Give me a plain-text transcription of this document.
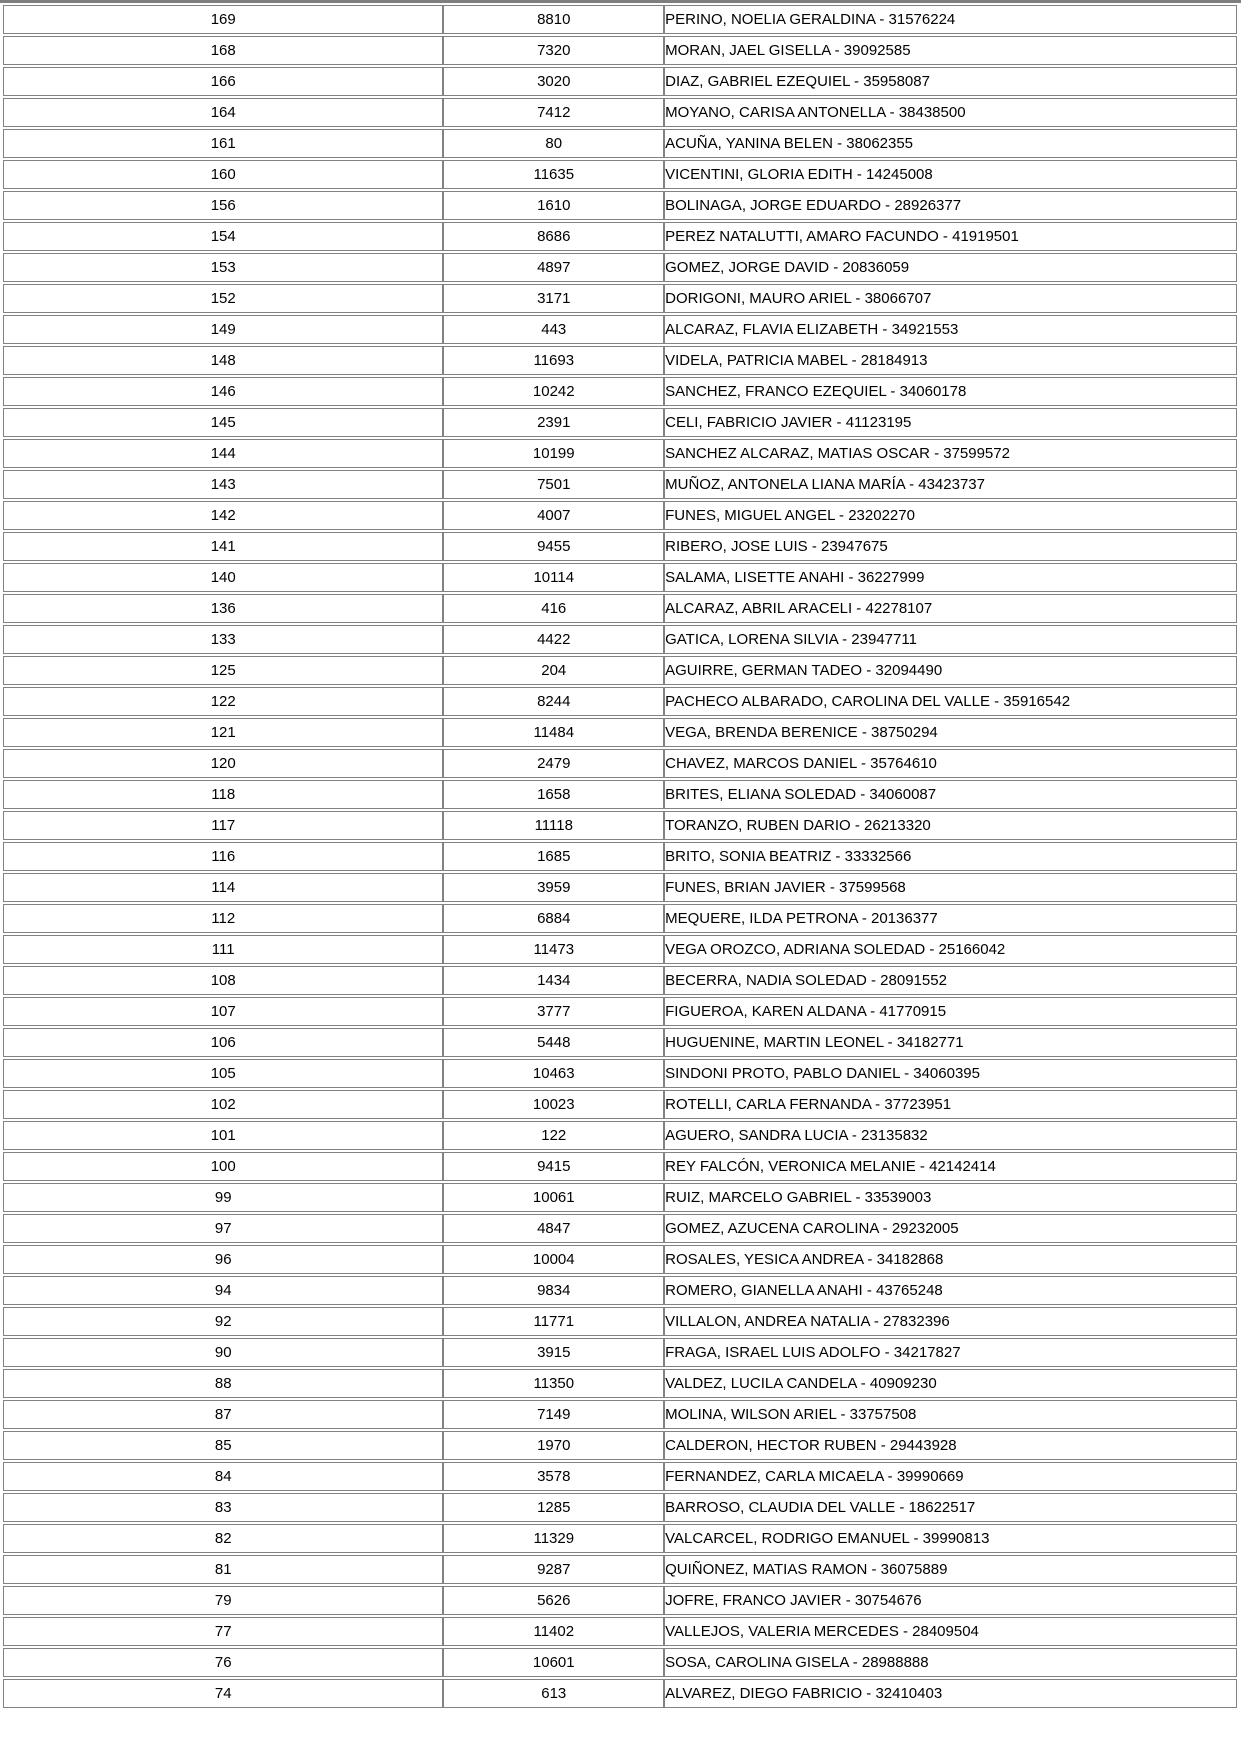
169	8810	PERINO, NOELIA GERALDINA - 31576224
168	7320	MORAN, JAEL GISELLA - 39092585
166	3020	DIAZ, GABRIEL EZEQUIEL - 35958087
164	7412	MOYANO, CARISA ANTONELLA - 38438500
161	80	ACUÑA, YANINA BELEN - 38062355
160	11635	VICENTINI, GLORIA EDITH - 14245008
156	1610	BOLINAGA, JORGE EDUARDO - 28926377
154	8686	PEREZ NATALUTTI, AMARO FACUNDO - 41919501
153	4897	GOMEZ, JORGE DAVID - 20836059
152	3171	DORIGONI, MAURO ARIEL - 38066707
149	443	ALCARAZ, FLAVIA ELIZABETH - 34921553
148	11693	VIDELA, PATRICIA MABEL - 28184913
146	10242	SANCHEZ, FRANCO EZEQUIEL - 34060178
145	2391	CELI, FABRICIO JAVIER - 41123195
144	10199	SANCHEZ ALCARAZ, MATIAS OSCAR - 37599572
143	7501	MUÑOZ, ANTONELA LIANA MARÍA - 43423737
142	4007	FUNES, MIGUEL ANGEL - 23202270
141	9455	RIBERO, JOSE LUIS - 23947675
140	10114	SALAMA, LISETTE ANAHI - 36227999
136	416	ALCARAZ, ABRIL ARACELI - 42278107
133	4422	GATICA, LORENA SILVIA - 23947711
125	204	AGUIRRE, GERMAN TADEO - 32094490
122	8244	PACHECO ALBARADO, CAROLINA DEL VALLE - 35916542
121	11484	VEGA, BRENDA BERENICE - 38750294
120	2479	CHAVEZ, MARCOS DANIEL - 35764610
118	1658	BRITES, ELIANA SOLEDAD - 34060087
117	11118	TORANZO, RUBEN DARIO - 26213320
116	1685	BRITO, SONIA BEATRIZ - 33332566
114	3959	FUNES, BRIAN JAVIER - 37599568
112	6884	MEQUERE, ILDA PETRONA - 20136377
111	11473	VEGA OROZCO, ADRIANA SOLEDAD - 25166042
108	1434	BECERRA, NADIA SOLEDAD - 28091552
107	3777	FIGUEROA, KAREN ALDANA - 41770915
106	5448	HUGUENINE, MARTIN LEONEL - 34182771
105	10463	SINDONI PROTO, PABLO DANIEL - 34060395
102	10023	ROTELLI, CARLA FERNANDA - 37723951
101	122	AGUERO, SANDRA LUCIA - 23135832
100	9415	REY FALCÓN, VERONICA MELANIE - 42142414
99	10061	RUIZ, MARCELO GABRIEL - 33539003
97	4847	GOMEZ, AZUCENA CAROLINA - 29232005
96	10004	ROSALES, YESICA ANDREA - 34182868
94	9834	ROMERO, GIANELLA ANAHI - 43765248
92	11771	VILLALON, ANDREA NATALIA - 27832396
90	3915	FRAGA, ISRAEL LUIS ADOLFO - 34217827
88	11350	VALDEZ, LUCILA CANDELA - 40909230
87	7149	MOLINA, WILSON ARIEL - 33757508
85	1970	CALDERON, HECTOR RUBEN - 29443928
84	3578	FERNANDEZ, CARLA MICAELA - 39990669
83	1285	BARROSO, CLAUDIA DEL VALLE - 18622517
82	11329	VALCARCEL, RODRIGO EMANUEL - 39990813
81	9287	QUIÑONEZ, MATIAS RAMON - 36075889
79	5626	JOFRE, FRANCO JAVIER - 30754676
77	11402	VALLEJOS, VALERIA MERCEDES - 28409504
76	10601	SOSA, CAROLINA GISELA - 28988888
74	613	ALVAREZ, DIEGO FABRICIO - 32410403
